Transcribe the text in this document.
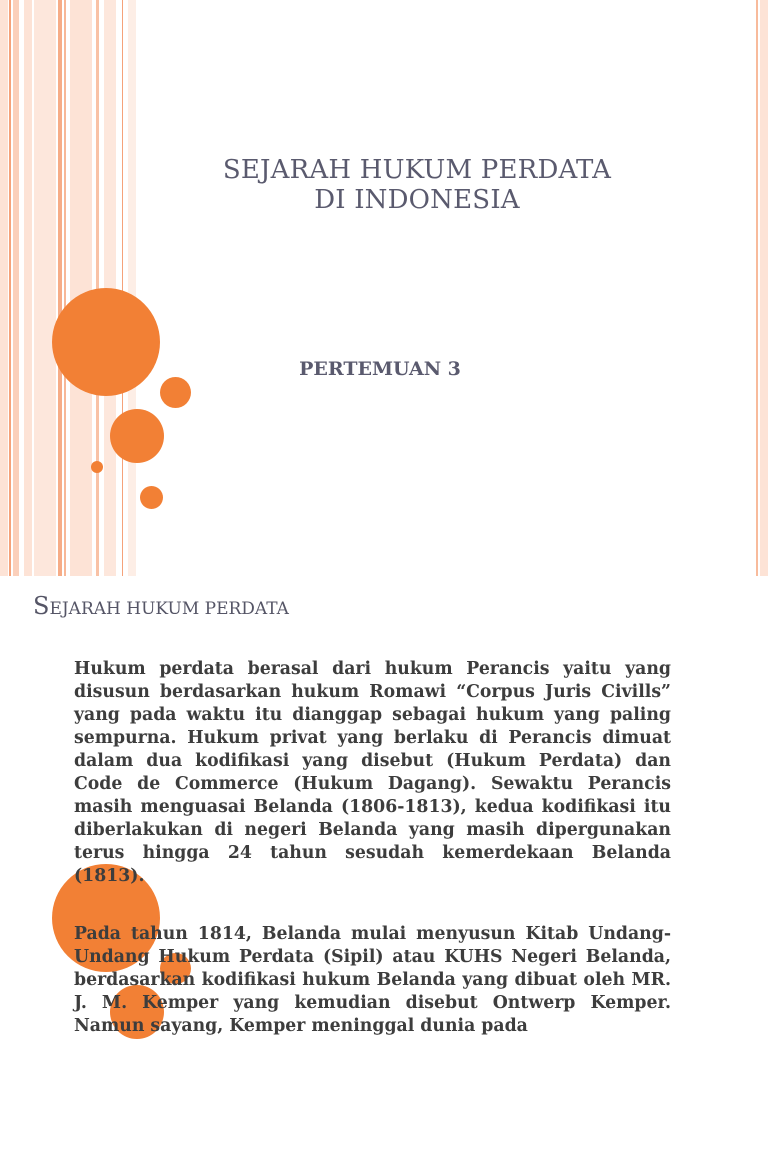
SEJARAH HUKUM PERDATA
DI INDONESIA
PERTEMUAN 3
SEJARAH HUKUM PERDATA
Hukum perdata berasal dari hukum Perancis yaitu yang disusun berdasarkan hukum Romawi “Corpus Juris Civills” yang pada waktu itu dianggap sebagai hukum yang paling sempurna. Hukum privat yang berlaku di Perancis dimuat dalam dua kodifikasi yang disebut (Hukum Perdata) dan Code de Commerce (Hukum Dagang). Sewaktu Perancis masih menguasai Belanda (1806-1813), kedua kodifikasi itu diberlakukan di negeri Belanda yang masih dipergunakan terus hingga 24 tahun sesudah kemerdekaan Belanda (1813).
Pada tahun 1814, Belanda mulai menyusun Kitab Undang-Undang Hukum Perdata (Sipil) atau KUHS Negeri Belanda, berdasarkan kodifikasi hukum Belanda yang dibuat oleh MR. J. M. Kemper yang kemudian disebut Ontwerp Kemper. Namun sayang, Kemper meninggal dunia pada
